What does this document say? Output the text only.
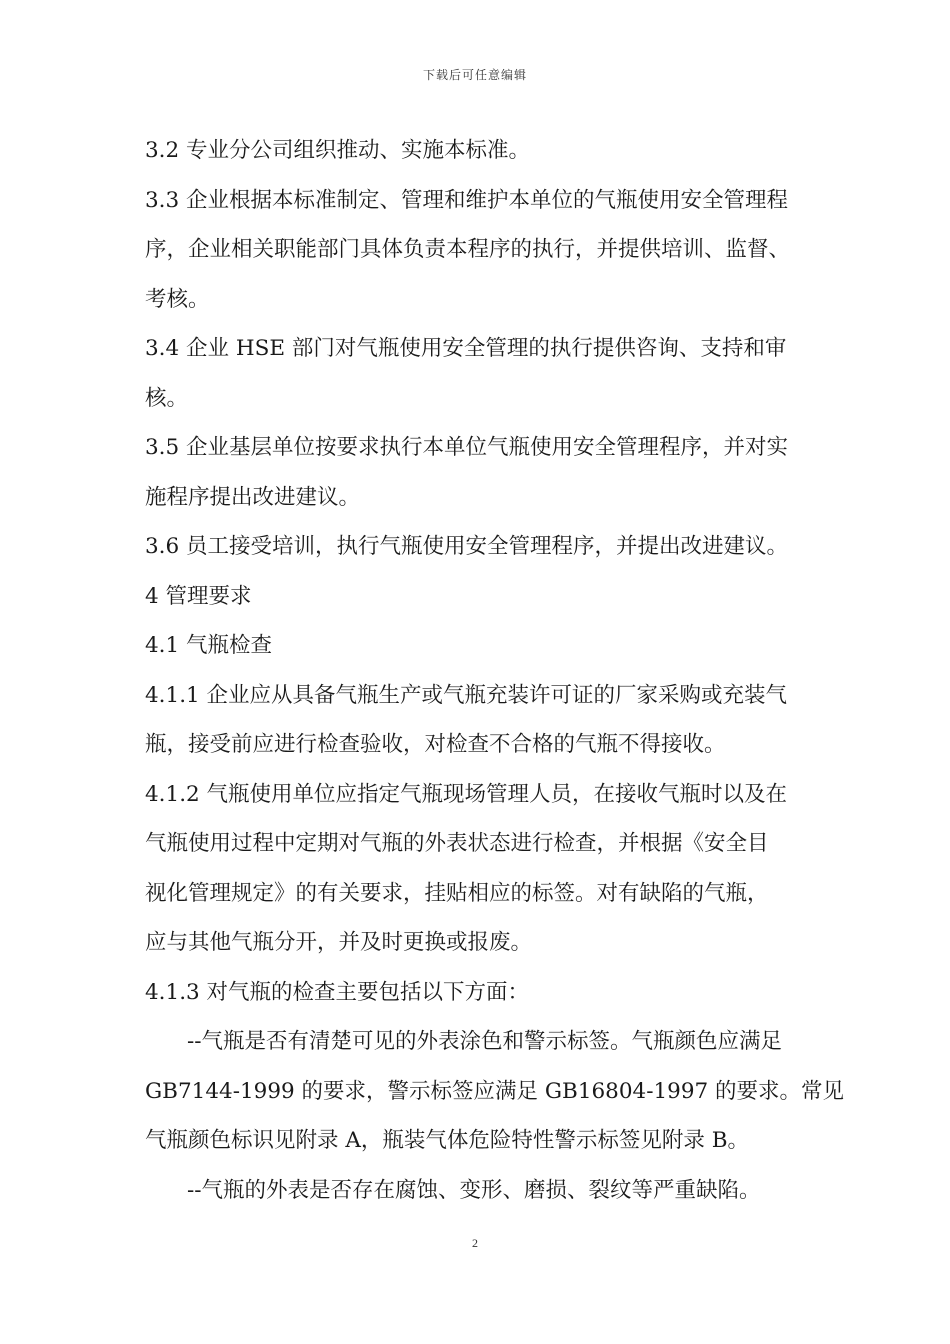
下载后可任意编辑
3.2 专业分公司组织推动、实施本标准。
3.3 企业根据本标准制定、管理和维护本单位的气瓶使用安全管理程
序，企业相关职能部门具体负责本程序的执行，并提供培训、监督、
考核。
3.4 企业 HSE 部门对气瓶使用安全管理的执行提供咨询、支持和审
核。
3.5 企业基层单位按要求执行本单位气瓶使用安全管理程序，并对实
施程序提出改进建议。
3.6 员工接受培训，执行气瓶使用安全管理程序，并提出改进建议。
4 管理要求
4.1 气瓶检查
4.1.1 企业应从具备气瓶生产或气瓶充装许可证的厂家采购或充装气
瓶，接受前应进行检查验收，对检查不合格的气瓶不得接收。
4.1.2 气瓶使用单位应指定气瓶现场管理人员，在接收气瓶时以及在
气瓶使用过程中定期对气瓶的外表状态进行检查，并根据《安全目
视化管理规定》的有关要求，挂贴相应的标签。对有缺陷的气瓶，
应与其他气瓶分开，并及时更换或报废。
4.1.3 对气瓶的检查主要包括以下方面：
--气瓶是否有清楚可见的外表涂色和警示标签。气瓶颜色应满足
GB7144-1999 的要求，警示标签应满足 GB16804-1997 的要求。常见
气瓶颜色标识见附录 A，瓶装气体危险特性警示标签见附录 B。
--气瓶的外表是否存在腐蚀、变形、磨损、裂纹等严重缺陷。
2
